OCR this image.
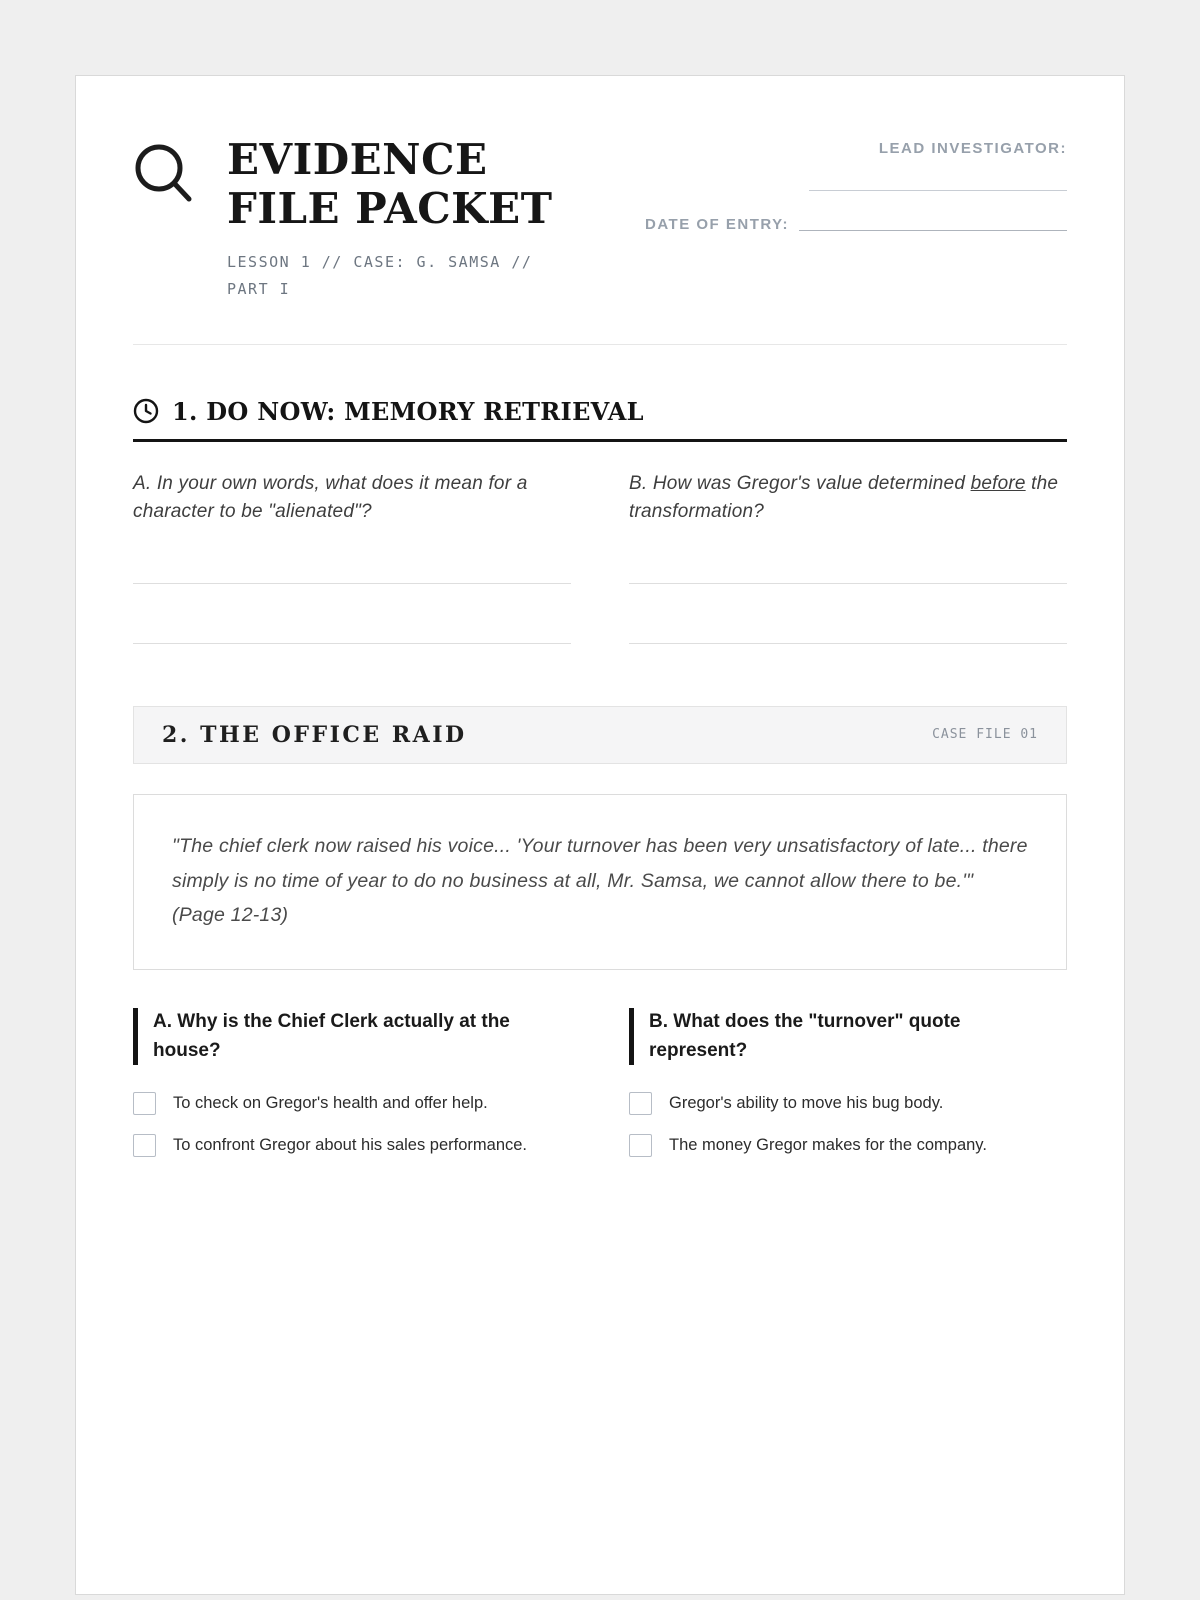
EVIDENCE FILE PACKET
LESSON 1 // CASE: G. SAMSA // PART I
LEAD INVESTIGATOR:
DATE OF ENTRY:
1. DO NOW: MEMORY RETRIEVAL

A. In your own words, what does it mean for a character to be "alienated"?

B. How was Gregor's value determined before the transformation?

2. THE OFFICE RAID	CASE FILE 01

"The chief clerk now raised his voice... 'Your turnover has been very unsatisfactory of late... there simply is no time of year to do no business at all, Mr. Samsa, we cannot allow there to be.'" (Page 12-13)

A. Why is the Chief Clerk actually at the house?
To check on Gregor's health and offer help.
To confront Gregor about his sales performance.
B. What does the "turnover" quote represent?
Gregor's ability to move his bug body.
The money Gregor makes for the company.
